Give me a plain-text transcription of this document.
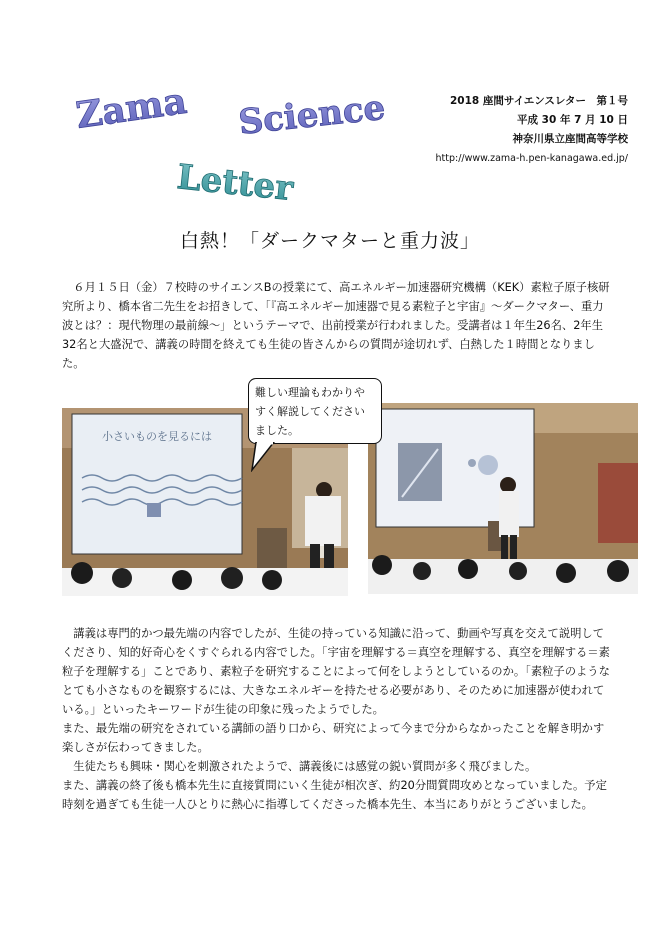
Zama Science
Letter
2018 座間サイエンスレター　第１号
平成 30 年 7 月 10 日
神奈川県立座間高等学校
http://www.zama-h.pen-kanagawa.ed.jp/
白熱！「ダークマターと重力波」

６月１５日（金）７校時のサイエンスBの授業にて、高エネルギー加速器研究機構（KEK）素粒子原子核研究所より、橋本省二先生をお招きして、「『高エネルギー加速器で見る素粒子と宇宙』～ダークマター、重力波とは？：現代物理の最前線～」というテーマで、出前授業が行われました。受講者は１年生26名、2年生32名と大盛況で、講義の時間を終えても生徒の皆さんからの質問が途切れず、白熱した１時間となりました。

小さいものを見るには
難しい理論もわかりやすく解説してくださいました。

講義は専門的かつ最先端の内容でしたが、生徒の持っている知識に沿って、動画や写真を交えて説明してくださり、知的好奇心をくすぐられる内容でした。「宇宙を理解する＝真空を理解する、真空を理解する＝素粒子を理解する」ことであり、素粒子を研究することによって何をしようとしているのか。「素粒子のようなとても小さなものを観察するには、大きなエネルギーを持たせる必要があり、そのために加速器が使われている。」といったキーワードが生徒の印象に残ったようでした。

また、最先端の研究をされている講師の語り口から、研究によって今まで分からなかったことを解き明かす楽しさが伝わってきました。

生徒たちも興味・関心を刺激されたようで、講義後には感覚の鋭い質問が多く飛びました。

また、講義の終了後も橋本先生に直接質問にいく生徒が相次ぎ、約20分間質問攻めとなっていました。予定時刻を過ぎても生徒一人ひとりに熱心に指導してくださった橋本先生、本当にありがとうございました。
